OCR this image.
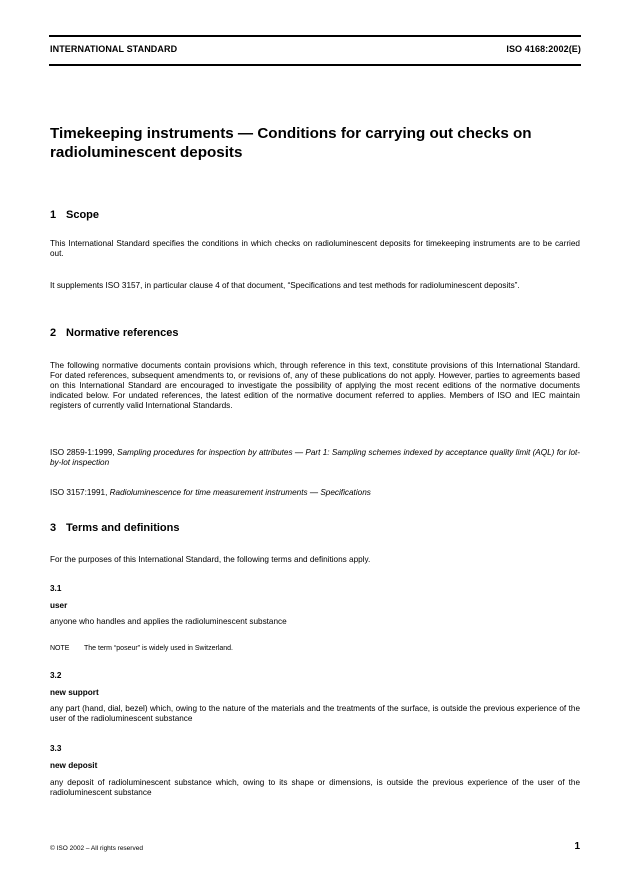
INTERNATIONAL STANDARD	ISO 4168:2002(E)
Timekeeping instruments — Conditions for carrying out checks on radioluminescent deposits
1 Scope
This International Standard specifies the conditions in which checks on radioluminescent deposits for timekeeping instruments are to be carried out.
It supplements ISO 3157, in particular clause 4 of that document, “Specifications and test methods for radioluminescent deposits”.
2 Normative references
The following normative documents contain provisions which, through reference in this text, constitute provisions of this International Standard. For dated references, subsequent amendments to, or revisions of, any of these publications do not apply. However, parties to agreements based on this International Standard are encouraged to investigate the possibility of applying the most recent editions of the normative documents indicated below. For undated references, the latest edition of the normative document referred to applies. Members of ISO and IEC maintain registers of currently valid International Standards.
ISO 2859-1:1999, Sampling procedures for inspection by attributes — Part 1: Sampling schemes indexed by acceptance quality limit (AQL) for lot-by-lot inspection
ISO 3157:1991, Radioluminescence for time measurement instruments — Specifications
3 Terms and definitions
For the purposes of this International Standard, the following terms and definitions apply.
3.1
user
anyone who handles and applies the radioluminescent substance
NOTE The term “poseur” is widely used in Switzerland.
3.2
new support
any part (hand, dial, bezel) which, owing to the nature of the materials and the treatments of the surface, is outside the previous experience of the user of the radioluminescent substance
3.3
new deposit
any deposit of radioluminescent substance which, owing to its shape or dimensions, is outside the previous experience of the user of the radioluminescent substance
© ISO 2002 – All rights reserved	1
